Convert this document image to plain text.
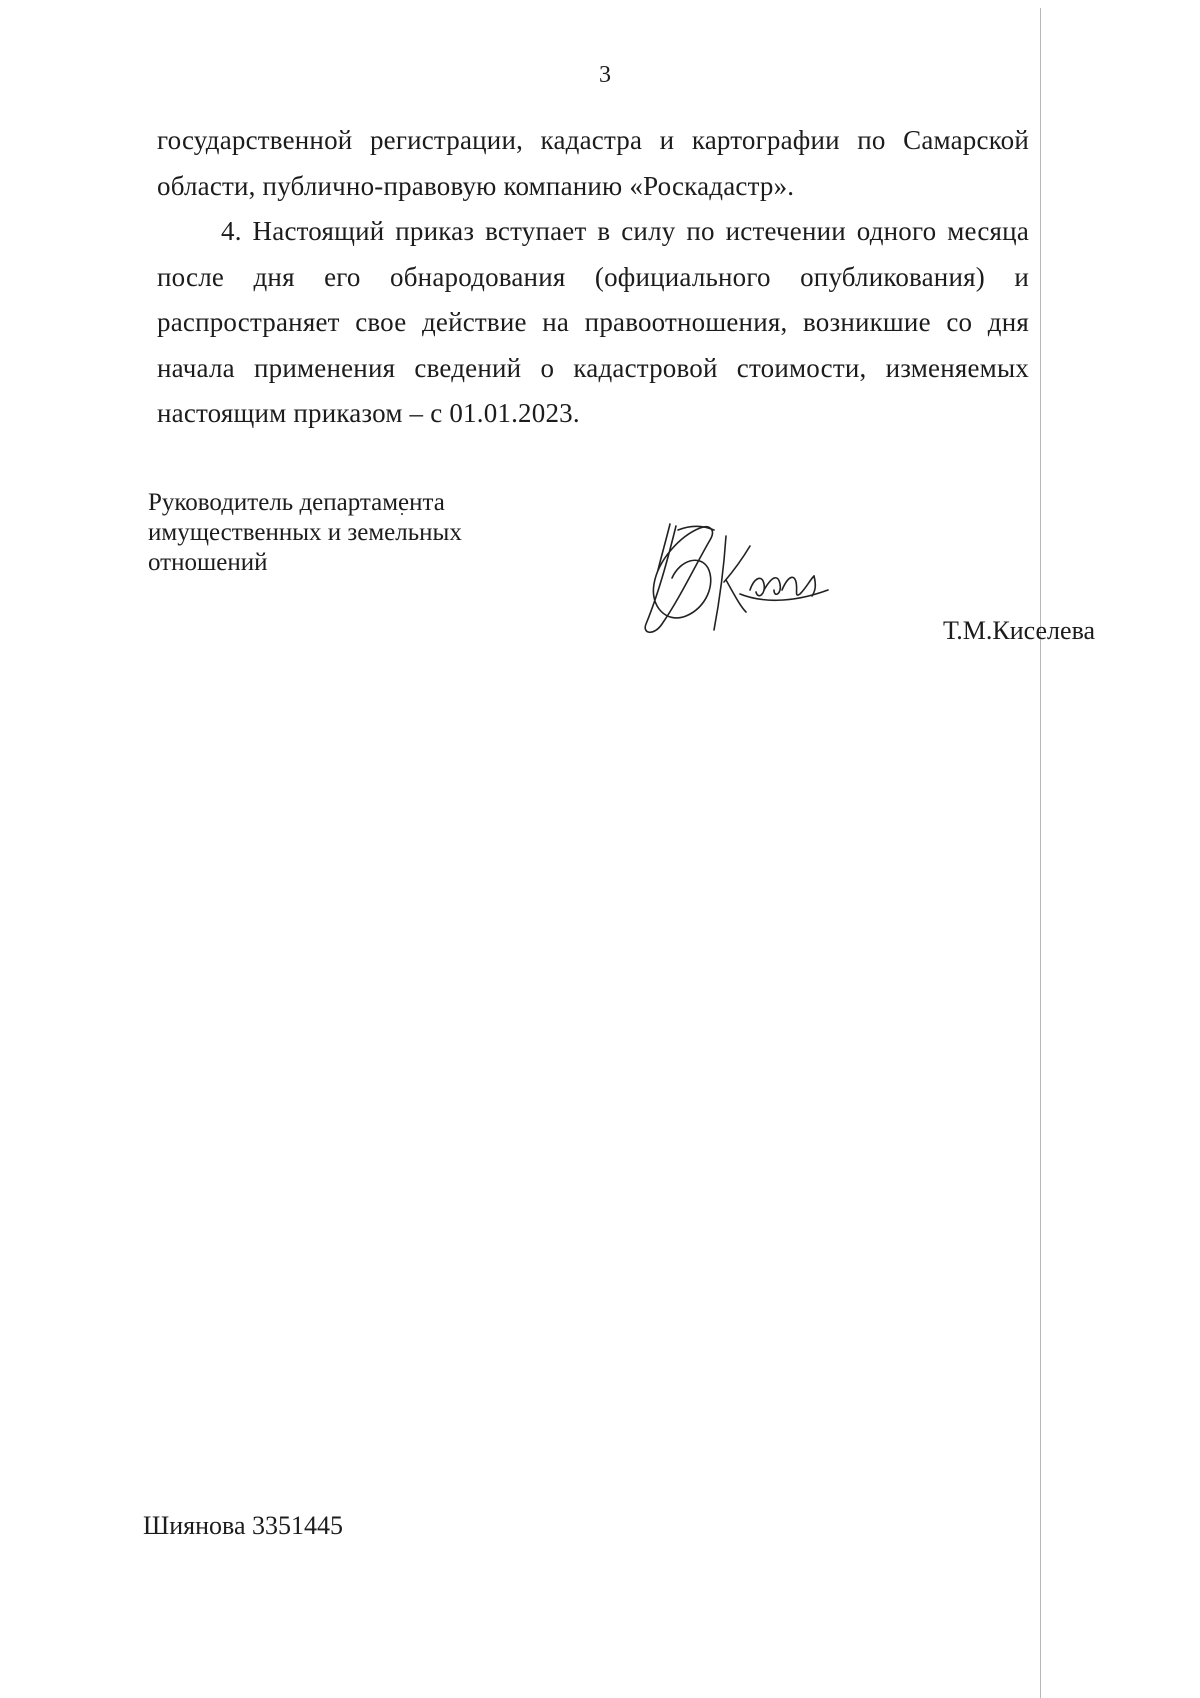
3

государственной регистрации, кадастра и картографии по Самарской области, публично-правовую компанию «Роскадастр».

4. Настоящий приказ вступает в силу по истечении одного месяца после дня его обнародования (официального опубликования) и распространяет свое действие на правоотношения, возникшие со дня начала применения сведений о кадастровой стоимости, изменяемых настоящим приказом – с 01.01.2023.

Руководитель департамента
имущественных и земельных
отношений
Т.М.Киселева
Шиянова 3351445
